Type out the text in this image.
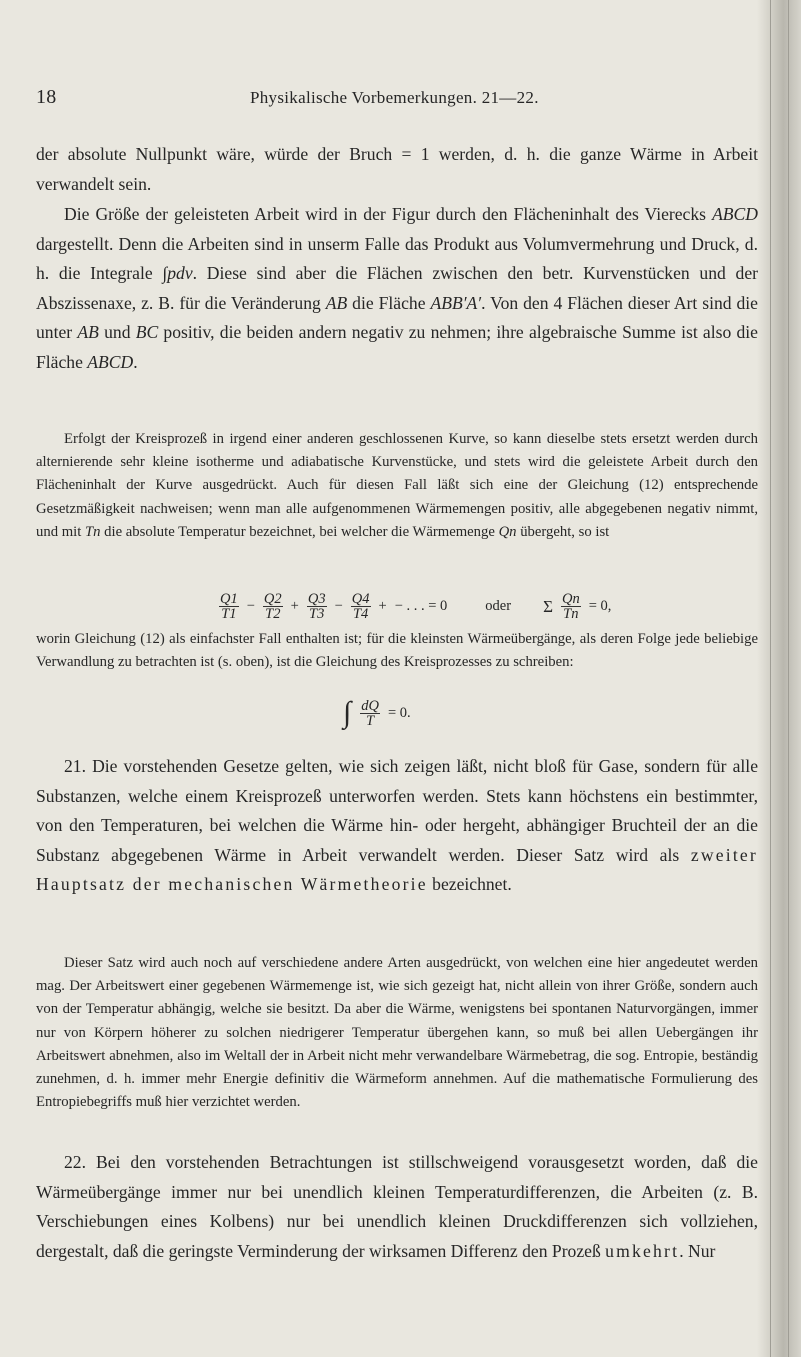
18	Physikalische Vorbemerkungen. 21—22.
der absolute Nullpunkt wäre, würde der Bruch = 1 werden, d. h. die ganze Wärme in Arbeit verwandelt sein.
Die Größe der geleisteten Arbeit wird in der Figur durch den Flächeninhalt des Vierecks ABCD dargestellt. Denn die Arbeiten sind in unserm Falle das Produkt aus Volumvermehrung und Druck, d. h. die Integrale ∫pdv. Diese sind aber die Flächen zwischen den betr. Kurvenstücken und der Abszissenaxe, z. B. für die Veränderung AB die Fläche ABB′A′. Von den 4 Flächen dieser Art sind die unter AB und BC positiv, die beiden andern negativ zu nehmen; ihre algebraische Summe ist also die Fläche ABCD.
Erfolgt der Kreisprozeß in irgend einer anderen geschlossenen Kurve, so kann dieselbe stets ersetzt werden durch alternierende sehr kleine isotherme und adiabatische Kurvenstücke, und stets wird die geleistete Arbeit durch den Flächeninhalt der Kurve ausgedrückt. Auch für diesen Fall läßt sich eine der Gleichung (12) entsprechende Gesetzmäßigkeit nachweisen; wenn man alle aufgenommenen Wärmemengen positiv, alle abgegebenen negativ nimmt, und mit Tn die absolute Temperatur bezeichnet, bei welcher die Wärmemenge Qn übergeht, so ist
$\frac{Q1}{T1} - \frac{Q2}{T2} + \frac{Q3}{T3} - \frac{Q4}{T4}$ + − . . . = 0	oder Σ $\frac{Qn}{Tn} = 0$,
worin Gleichung (12) als einfachster Fall enthalten ist; für die kleinsten Wärmeübergänge, als deren Folge jede beliebige Verwandlung zu betrachten ist (s. oben), ist die Gleichung des Kreisprozesses zu schreiben:
∫ $\frac{dQ}{T} = 0$.
21. Die vorstehenden Gesetze gelten, wie sich zeigen läßt, nicht bloß für Gase, sondern für alle Substanzen, welche einem Kreisprozeß unterworfen werden. Stets kann höchstens ein bestimmter, von den Temperaturen, bei welchen die Wärme hin- oder hergeht, abhängiger Bruchteil der an die Substanz abgegebenen Wärme in Arbeit verwandelt werden. Dieser Satz wird als zweiter Hauptsatz der mechanischen Wärmetheorie bezeichnet.
Dieser Satz wird auch noch auf verschiedene andere Arten ausgedrückt, von welchen eine hier angedeutet werden mag. Der Arbeitswert einer gegebenen Wärmemenge ist, wie sich gezeigt hat, nicht allein von ihrer Größe, sondern auch von der Temperatur abhängig, welche sie besitzt. Da aber die Wärme, wenigstens bei spontanen Naturvorgängen, immer nur von Körpern höherer zu solchen niedrigerer Temperatur übergehen kann, so muß bei allen Uebergängen ihr Arbeitswert abnehmen, also im Weltall der in Arbeit nicht mehr verwandelbare Wärmebetrag, die sog. Entropie, beständig zunehmen, d. h. immer mehr Energie definitiv die Wärmeform annehmen. Auf die mathematische Formulierung des Entropiebegriffs muß hier verzichtet werden.
22. Bei den vorstehenden Betrachtungen ist stillschweigend vorausgesetzt worden, daß die Wärmeübergänge immer nur bei unendlich kleinen Temperaturdifferenzen, die Arbeiten (z. B. Verschiebungen eines Kolbens) nur bei unendlich kleinen Druckdifferenzen sich vollziehen, dergestalt, daß die geringste Verminderung der wirksamen Differenz den Prozeß umkehrt. Nur
